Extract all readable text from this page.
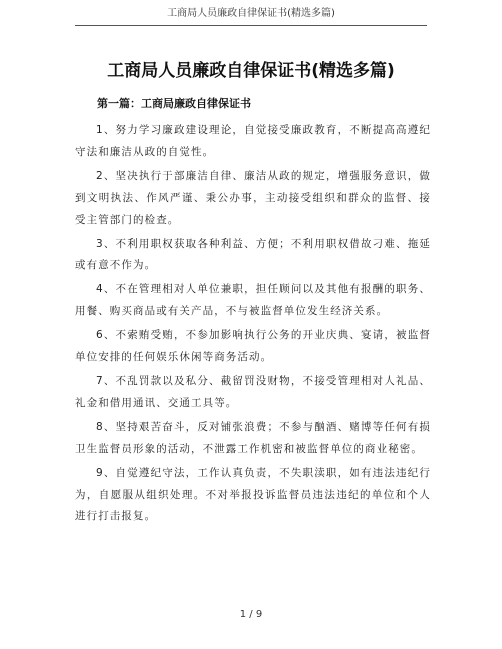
工商局人员廉政自律保证书(精选多篇)
工商局人员廉政自律保证书(精选多篇)
第一篇：工商局廉政自律保证书

1、努力学习廉政建设理论，自觉接受廉政教育，不断提高高遵纪守法和廉洁从政的自觉性。

2、坚决执行于部廉洁自律、廉洁从政的规定，增强服务意识，做到文明执法、作风严谨、秉公办事，主动接受组织和群众的监督、接受主管部门的检查。

3、不利用职权获取各种利益、方便；不利用职权借故刁难、拖延或有意不作为。

4、不在管理相对人单位兼职，担任顾问以及其他有报酬的职务、用餐、购买商品或有关产品，不与被监督单位发生经济关系。

6、不索贿受贿，不参加影响执行公务的开业庆典、宴请，被监督单位安排的任何娱乐休闲等商务活动。

7、不乱罚款以及私分、截留罚没财物，不接受管理相对人礼品、礼金和借用通讯、交通工具等。

8、坚持艰苦奋斗，反对铺张浪费；不参与酗酒、赌博等任何有损卫生监督员形象的活动，不泄露工作机密和被监督单位的商业秘密。

9、自觉遵纪守法，工作认真负责，不失职渎职，如有违法违纪行为，自愿服从组织处理。不对举报投诉监督员违法违纪的单位和个人进行打击报复。

1 / 9
